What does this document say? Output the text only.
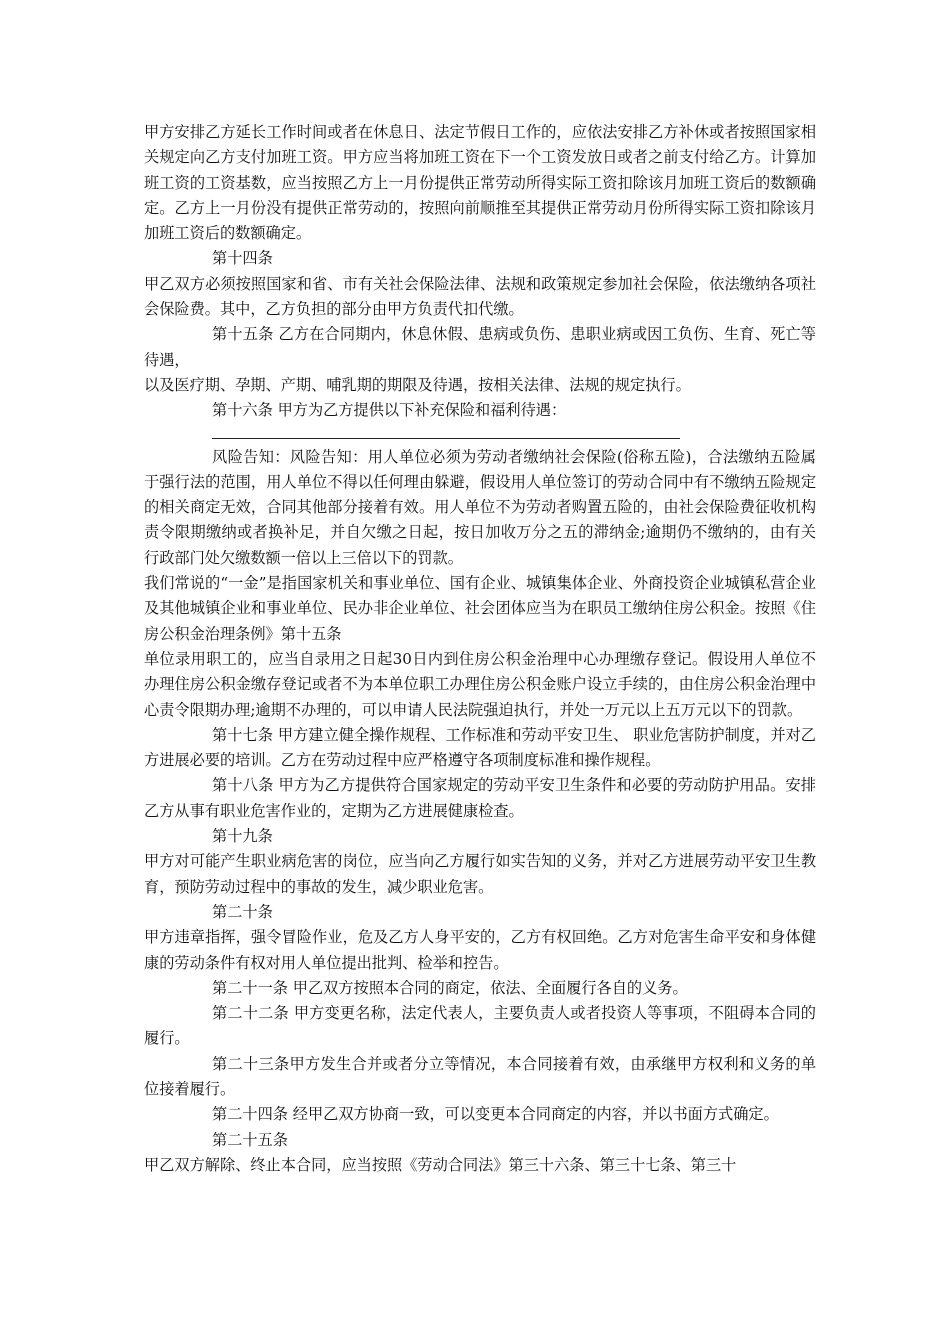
甲方安排乙方延长工作时间或者在休息日、法定节假日工作的，应依法安排乙方补休或者按照国家相关规定向乙方支付加班工资。甲方应当将加班工资在下一个工资发放日或者之前支付给乙方。计算加班工资的工资基数，应当按照乙方上一月份提供正常劳动所得实际工资扣除该月加班工资后的数额确定。乙方上一月份没有提供正常劳动的，按照向前顺推至其提供正常劳动月份所得实际工资扣除该月加班工资后的数额确定。

第十四条

甲乙双方必须按照国家和省、市有关社会保险法律、法规和政策规定参加社会保险，依法缴纳各项社会保险费。其中，乙方负担的部分由甲方负责代扣代缴。

第十五条 乙方在合同期内，休息休假、患病或负伤、患职业病或因工负伤、生育、死亡等待遇，

以及医疗期、孕期、产期、哺乳期的期限及待遇，按相关法律、法规的规定执行。

第十六条 甲方为乙方提供以下补充保险和福利待遇：

风险告知：风险告知：用人单位必须为劳动者缴纳社会保险(俗称五险)，合法缴纳五险属于强行法的范围，用人单位不得以任何理由躲避，假设用人单位签订的劳动合同中有不缴纳五险规定的相关商定无效，合同其他部分接着有效。用人单位不为劳动者购置五险的，由社会保险费征收机构责令限期缴纳或者换补足，并自欠缴之日起，按日加收万分之五的滞纳金;逾期仍不缴纳的，由有关行政部门处欠缴数额一倍以上三倍以下的罚款。

我们常说的“一金”是指国家机关和事业单位、国有企业、城镇集体企业、外商投资企业城镇私营企业及其他城镇企业和事业单位、民办非企业单位、社会团体应当为在职员工缴纳住房公积金。按照《住房公积金治理条例》第十五条

单位录用职工的，应当自录用之日起30日内到住房公积金治理中心办理缴存登记。假设用人单位不办理住房公积金缴存登记或者不为本单位职工办理住房公积金账户设立手续的，由住房公积金治理中心责令限期办理;逾期不办理的，可以申请人民法院强迫执行，并处一万元以上五万元以下的罚款。

第十七条 甲方建立健全操作规程、工作标准和劳动平安卫生、 职业危害防护制度，并对乙方进展必要的培训。乙方在劳动过程中应严格遵守各项制度标准和操作规程。

第十八条 甲方为乙方提供符合国家规定的劳动平安卫生条件和必要的劳动防护用品。安排乙方从事有职业危害作业的，定期为乙方进展健康检查。

第十九条

甲方对可能产生职业病危害的岗位，应当向乙方履行如实告知的义务，并对乙方进展劳动平安卫生教育，预防劳动过程中的事故的发生，减少职业危害。

第二十条

甲方违章指挥，强令冒险作业，危及乙方人身平安的，乙方有权回绝。乙方对危害生命平安和身体健康的劳动条件有权对用人单位提出批判、检举和控告。

第二十一条 甲乙双方按照本合同的商定，依法、全面履行各自的义务。

第二十二条 甲方变更名称，法定代表人，主要负责人或者投资人等事项，不阻碍本合同的履行。

第二十三条甲方发生合并或者分立等情况，本合同接着有效，由承继甲方权利和义务的单位接着履行。

第二十四条 经甲乙双方协商一致，可以变更本合同商定的内容，并以书面方式确定。

第二十五条

甲乙双方解除、终止本合同，应当按照《劳动合同法》第三十六条、第三十七条、第三十
